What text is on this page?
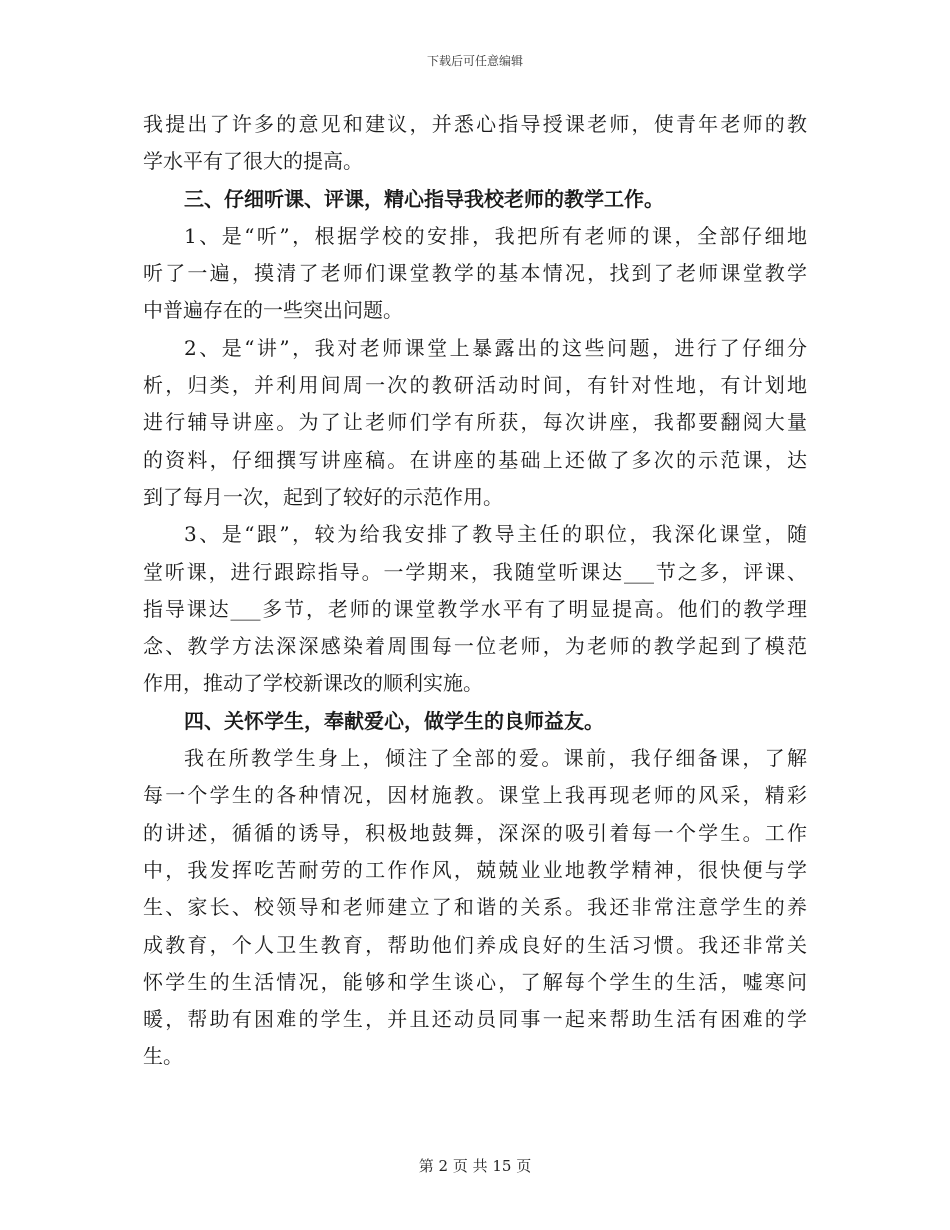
下载后可任意编辑
我提出了许多的意见和建议，并悉心指导授课老师，使青年老师的教
学水平有了很大的提高。
三、仔细听课、评课，精心指导我校老师的教学工作。
1、是“听”，根据学校的安排，我把所有老师的课，全部仔细地
听了一遍，摸清了老师们课堂教学的基本情况，找到了老师课堂教学
中普遍存在的一些突出问题。
2、是“讲”，我对老师课堂上暴露出的这些问题，进行了仔细分
析，归类，并利用间周一次的教研活动时间，有针对性地，有计划地
进行辅导讲座。为了让老师们学有所获，每次讲座，我都要翻阅大量
的资料，仔细撰写讲座稿。在讲座的基础上还做了多次的示范课，达
到了每月一次，起到了较好的示范作用。
3、是“跟”，较为给我安排了教导主任的职位，我深化课堂，随
堂听课，进行跟踪指导。一学期来，我随堂听课达___节之多，评课、
指导课达___多节，老师的课堂教学水平有了明显提高。他们的教学理
念、教学方法深深感染着周围每一位老师，为老师的教学起到了模范
作用，推动了学校新课改的顺利实施。
四、关怀学生，奉献爱心，做学生的良师益友。
我在所教学生身上，倾注了全部的爱。课前，我仔细备课，了解
每一个学生的各种情况，因材施教。课堂上我再现老师的风采，精彩
的讲述，循循的诱导，积极地鼓舞，深深的吸引着每一个学生。工作
中，我发挥吃苦耐劳的工作作风，兢兢业业地教学精神，很快便与学
生、家长、校领导和老师建立了和谐的关系。我还非常注意学生的养
成教育，个人卫生教育，帮助他们养成良好的生活习惯。我还非常关
怀学生的生活情况，能够和学生谈心，了解每个学生的生活，嘘寒问
暖，帮助有困难的学生，并且还动员同事一起来帮助生活有困难的学
生。
第 2 页 共 15 页
